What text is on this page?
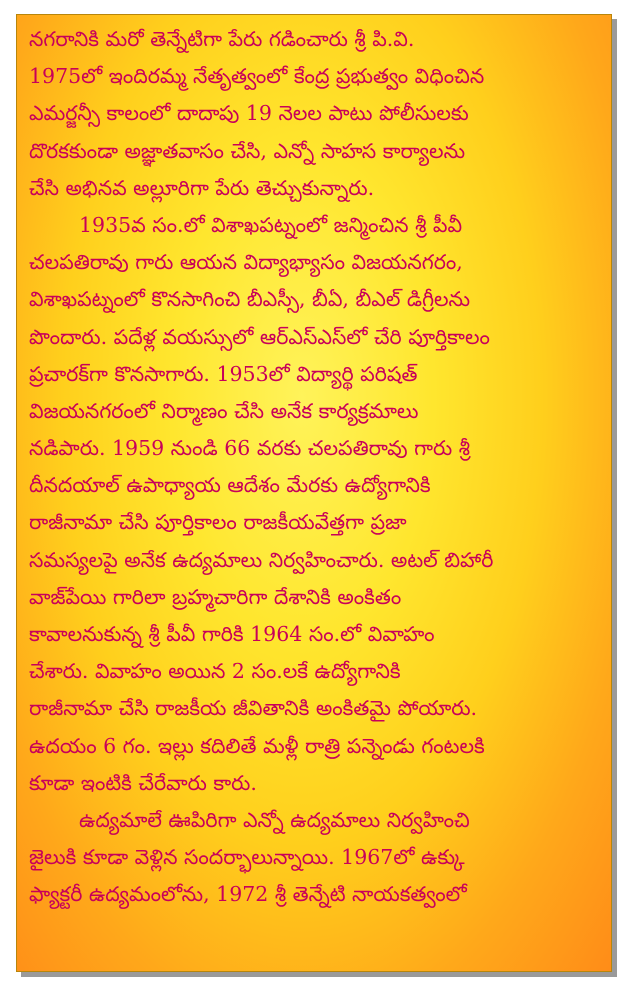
నగరానికి మరో తెన్నేటిగా పేరు గడించారు శ్రీ పి.వి.
1975లో ఇందిరమ్మ నేతృత్వంలో కేంద్ర ప్రభుత్వం విధించిన
ఎమర్జన్సీ కాలంలో దాదాపు 19 నెలల పాటు పోలీసులకు
దొరకకుండా అజ్ఞాతవాసం చేసి, ఎన్నో సాహస కార్యాలను
చేసి అభినవ అల్లూరిగా పేరు తెచ్చుకున్నారు.
1935వ సం.లో విశాఖపట్నంలో జన్మించిన శ్రీ పీవీ
చలపతిరావు గారు ఆయన విద్యాభ్యాసం విజయనగరం,
విశాఖపట్నంలో కొనసాగించి బీఎస్సీ, బీఏ, బీఎల్ డిగ్రీలను
పొందారు. పదేళ్ల వయస్సులో ఆర్ఎస్ఎస్‌లో చేరి పూర్తికాలం
ప్రచారక్‌గా కొనసాగారు. 1953లో విద్యార్థి పరిషత్
విజయనగరంలో నిర్మాణం చేసి అనేక కార్యక్రమాలు
నడిపారు. 1959 నుండి 66 వరకు చలపతిరావు గారు శ్రీ
దీనదయాల్ ఉపాధ్యాయ ఆదేశం మేరకు ఉద్యోగానికి
రాజీనామా చేసి పూర్తికాలం రాజకీయవేత్తగా ప్రజా
సమస్యలపై అనేక ఉద్యమాలు నిర్వహించారు. అటల్ బిహారీ
వాజ్‌పేయి గారిలా బ్రహ్మచారిగా దేశానికి అంకితం
కావాలనుకున్న శ్రీ పీవీ గారికి 1964 సం.లో వివాహం
చేశారు. వివాహం అయిన 2 సం.లకే ఉద్యోగానికి
రాజీనామా చేసి రాజకీయ జీవితానికి అంకితమై పోయారు.
ఉదయం 6 గం. ఇల్లు కదిలితే మళ్లీ రాత్రి పన్నెండు గంటలకి
కూడా ఇంటికి చేరేవారు కారు.
ఉద్యమాలే ఊపిరిగా ఎన్నో ఉద్యమాలు నిర్వహించి
జైలుకి కూడా వెళ్లిన సందర్భాలున్నాయి. 1967లో ఉక్కు
ఫ్యాక్టరీ ఉద్యమంలోను, 1972 శ్రీ తెన్నేటి నాయకత్వంలో
